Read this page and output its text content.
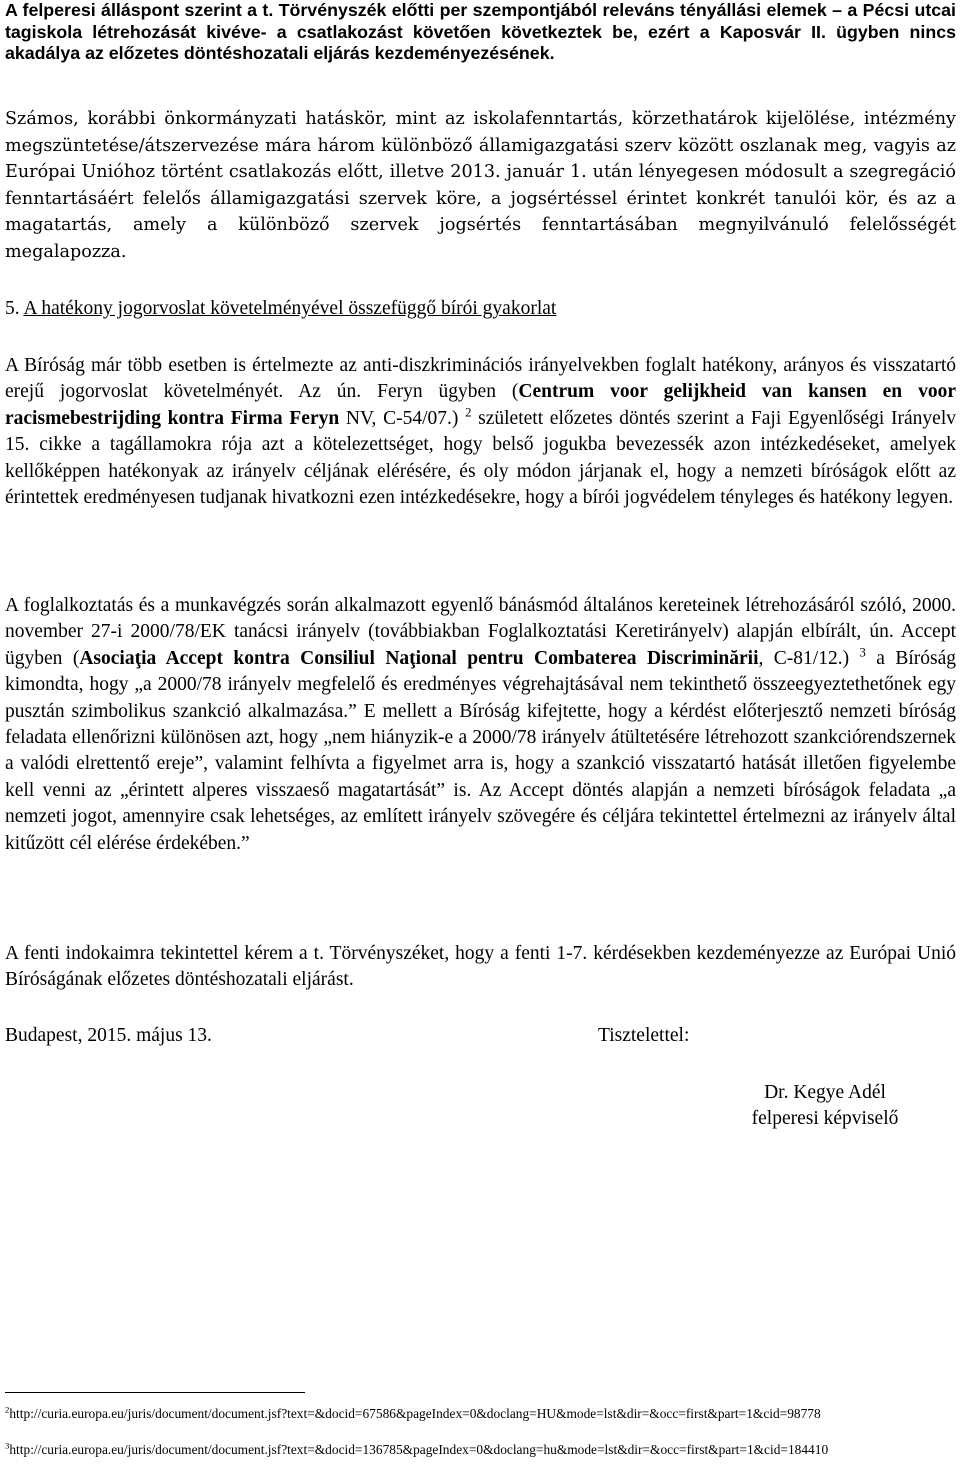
A felperesi álláspont szerint a t. Törvényszék előtti per szempontjából releváns tényállási elemek – a Pécsi utcai tagiskola létrehozását kivéve- a csatlakozást követően következtek be, ezért a Kaposvár II. ügyben nincs akadálya az előzetes döntéshozatali eljárás kezdeményezésének.

Számos, korábbi önkormányzati hatáskör, mint az iskolafenntartás, körzethatárok kijelölése, intézmény megszüntetése/átszervezése mára három különböző államigazgatási szerv között oszlanak meg, vagyis az Európai Unióhoz történt csatlakozás előtt, illetve 2013. január 1. után lényegesen módosult a szegregáció fenntartásáért felelős államigazgatási szervek köre, a jogsértéssel érintet konkrét tanulói kör, és az a magatartás, amely a különböző szervek jogsértés fenntartásában megnyilvánuló felelősségét megalapozza.

5. A hatékony jogorvoslat követelményével összefüggő bírói gyakorlat

A Bíróság már több esetben is értelmezte az anti-diszkriminációs irányelvekben foglalt hatékony, arányos és visszatartó erejű jogorvoslat követelményét. Az ún. Feryn ügyben (Centrum voor gelijkheid van kansen en voor racismebestrijding kontra Firma Feryn NV, C-54/07.) $^2$ született előzetes döntés szerint a Faji Egyenlőségi Irányelv 15. cikke a tagállamokra rója azt a kötelezettséget, hogy belső jogukba bevezessék azon intézkedéseket, amelyek kellőképpen hatékonyak az irányelv céljának elérésére, és oly módon járjanak el, hogy a nemzeti bíróságok előtt az érintettek eredményesen tudjanak hivatkozni ezen intézkedésekre, hogy a bírói jogvédelem tényleges és hatékony legyen.

A foglalkoztatás és a munkavégzés során alkalmazott egyenlő bánásmód általános kereteinek létrehozásáról szóló, 2000. november 27-i 2000/78/EK tanácsi irányelv (továbbiakban Foglalkoztatási Keretirányelv) alapján elbírált, ún. Accept ügyben (Asociaţia Accept kontra Consiliul Naţional pentru Combaterea Discriminării, C-81/12.) $^3$ a Bíróság kimondta, hogy „a 2000/78 irányelv megfelelő és eredményes végrehajtásával nem tekinthető összeegyeztethetőnek egy pusztán szimbolikus szankció alkalmazása.” E mellett a Bíróság kifejtette, hogy a kérdést előterjesztő nemzeti bíróság feladata ellenőrizni különösen azt, hogy „nem hiányzik-e a 2000/78 irányelv átültetésére létrehozott szankciórendszernek a valódi elrettentő ereje”, valamint felhívta a figyelmet arra is, hogy a szankció visszatartó hatását illetően figyelembe kell venni az „érintett alperes visszaeső magatartását” is. Az Accept döntés alapján a nemzeti bíróságok feladata „a nemzeti jogot, amennyire csak lehetséges, az említett irányelv szövegére és céljára tekintettel értelmezni az irányelv által kitűzött cél elérése érdekében.”

A fenti indokaimra tekintettel kérem a t. Törvényszéket, hogy a fenti 1-7. kérdésekben kezdeményezze az Európai Unió Bíróságának előzetes döntéshozatali eljárást.

Budapest, 2015. május 13.	Tisztelettel:
Dr. Kegye Adél
felperesi képviselő
$^2$http://curia.europa.eu/juris/document/document.jsf?text=&docid=67586&pageIndex=0&doclang=HU&mode=lst&dir=&occ=first&part=1&cid=98778
$^3$http://curia.europa.eu/juris/document/document.jsf?text=&docid=136785&pageIndex=0&doclang=hu&mode=lst&dir=&occ=first&part=1&cid=184410
